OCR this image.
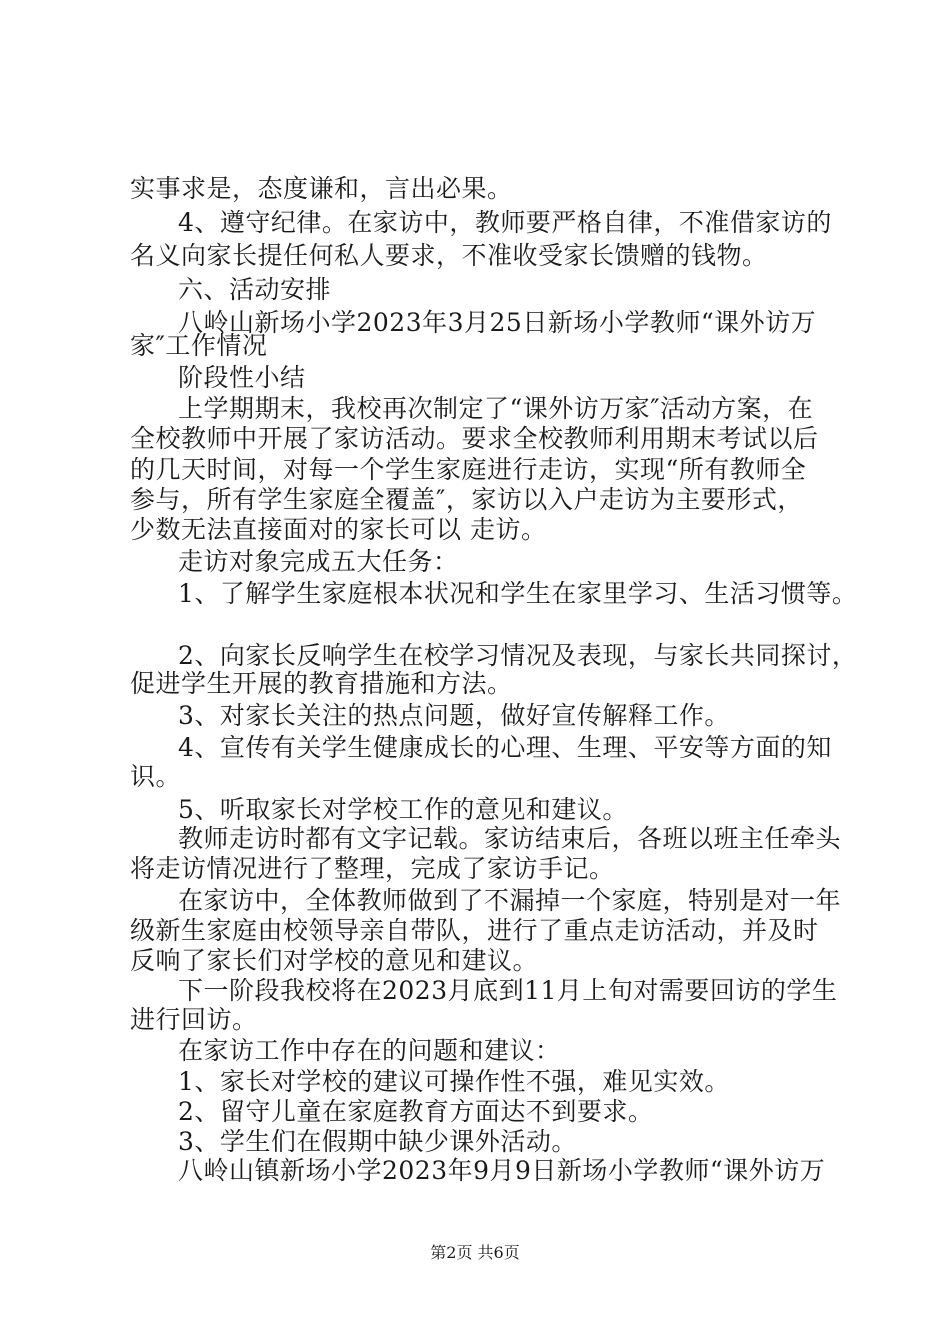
实事求是，态度谦和，言出必果。
4、遵守纪律。在家访中，教师要严格自律，不准借家访的
名义向家长提任何私人要求，不准收受家长馈赠的钱物。
六、活动安排
八岭山新场小学2023年3月25日新场小学教师“课外访万
家″工作情况
阶段性小结
上学期期末，我校再次制定了“课外访万家″活动方案，在
全校教师中开展了家访活动。要求全校教师利用期末考试以后
的几天时间，对每一个学生家庭进行走访，实现“所有教师全
参与，所有学生家庭全覆盖″，家访以入户走访为主要形式，
少数无法直接面对的家长可以 走访。
走访对象完成五大任务：
1、了解学生家庭根本状况和学生在家里学习、生活习惯等。
2、向家长反响学生在校学习情况及表现，与家长共同探讨，
促进学生开展的教育措施和方法。
3、对家长关注的热点问题，做好宣传解释工作。
4、宣传有关学生健康成长的心理、生理、平安等方面的知
识。
5、听取家长对学校工作的意见和建议。
教师走访时都有文字记载。家访结束后，各班以班主任牵头
将走访情况进行了整理，完成了家访手记。
在家访中，全体教师做到了不漏掉一个家庭，特别是对一年
级新生家庭由校领导亲自带队，进行了重点走访活动，并及时
反响了家长们对学校的意见和建议。
下一阶段我校将在2023月底到11月上旬对需要回访的学生
进行回访。
在家访工作中存在的问题和建议：
1、家长对学校的建议可操作性不强，难见实效。
2、留守儿童在家庭教育方面达不到要求。
3、学生们在假期中缺少课外活动。
八岭山镇新场小学2023年9月9日新场小学教师“课外访万
第2页 共6页
